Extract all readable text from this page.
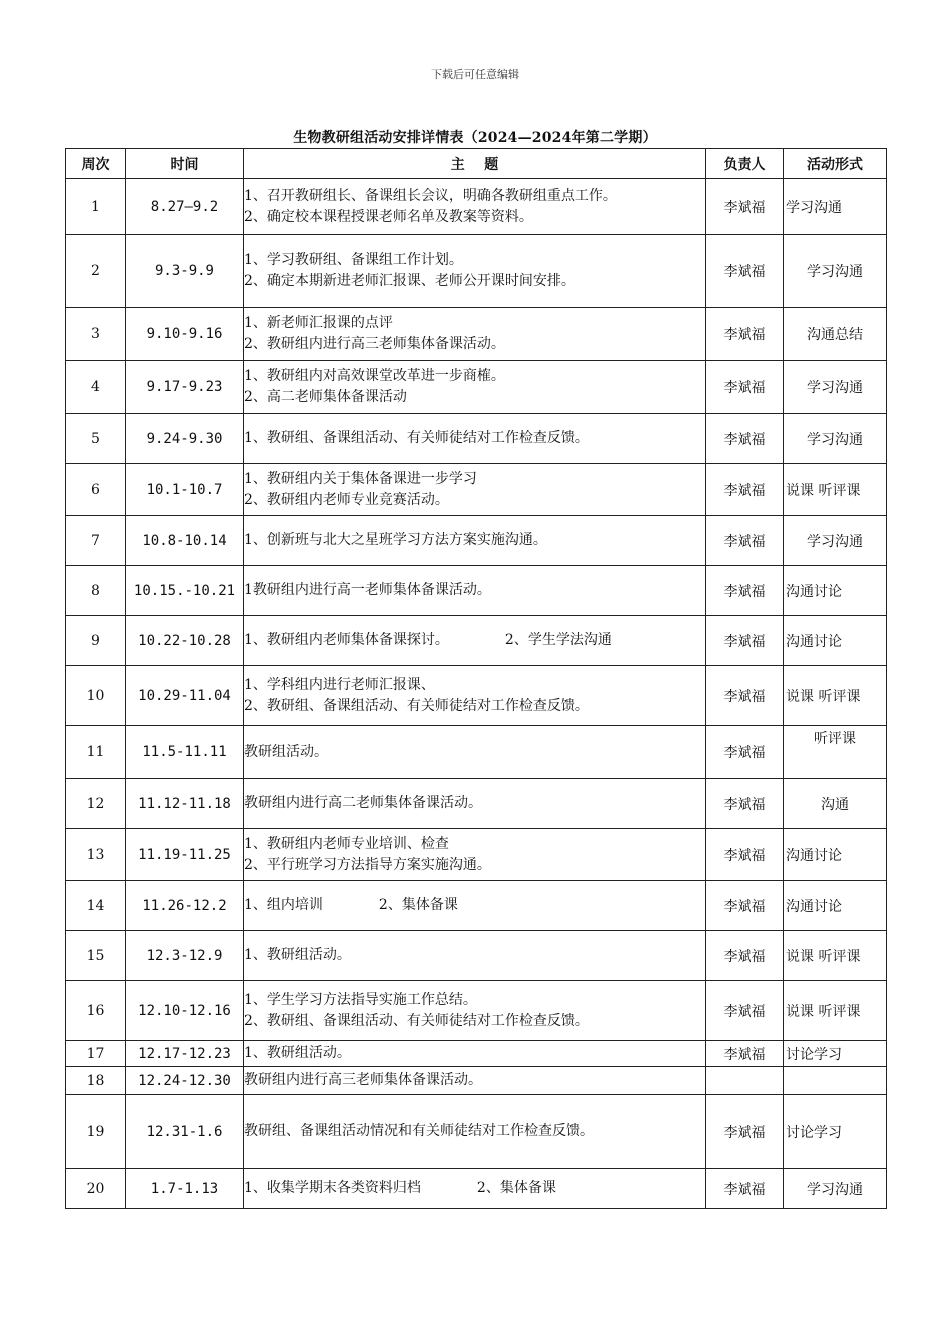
下载后可任意编辑
生物教研组活动安排详情表（2024—2024年第二学期）
周次	时间	主    题	负责人	活动形式
1	8.27—9.2	1、召开教研组长、备课组长会议，明确各教研组重点工作。
2、确定校本课程授课老师名单及教案等资料。	李斌福	学习沟通
2	9.3-9.9	1、学习教研组、备课组工作计划。
2、确定本期新进老师汇报课、老师公开课时间安排。	李斌福	学习沟通
3	9.10-9.16	1、新老师汇报课的点评
2、教研组内进行高三老师集体备课活动。	李斌福	沟通总结
4	9.17-9.23	1、教研组内对高效课堂改革进一步商榷。
2、高二老师集体备课活动	李斌福	学习沟通
5	9.24-9.30	1、教研组、备课组活动、有关师徒结对工作检查反馈。	李斌福	学习沟通
6	10.1-10.7	1、教研组内关于集体备课进一步学习
2、教研组内老师专业竞赛活动。	李斌福	说课 听评课
7	10.8-10.14	1、创新班与北大之星班学习方法方案实施沟通。	李斌福	学习沟通
8	10.15.-10.21	1教研组内进行高一老师集体备课活动。	李斌福	沟通讨论
9	10.22-10.28	1、教研组内老师集体备课探讨。 2、学生学法沟通	李斌福	沟通讨论
10	10.29-11.04	1、学科组内进行老师汇报课、
2、教研组、备课组活动、有关师徒结对工作检查反馈。	李斌福	说课 听评课
11	11.5-11.11	教研组活动。	李斌福	听评课
12	11.12-11.18	教研组内进行高二老师集体备课活动。	李斌福	沟通
13	11.19-11.25	1、教研组内老师专业培训、检查
2、平行班学习方法指导方案实施沟通。	李斌福	沟通讨论
14	11.26-12.2	1、组内培训 2、集体备课	李斌福	沟通讨论
15	12.3-12.9	1、教研组活动。	李斌福	说课 听评课
16	12.10-12.16	1、学生学习方法指导实施工作总结。
2、教研组、备课组活动、有关师徒结对工作检查反馈。	李斌福	说课 听评课
17	12.17-12.23	1、教研组活动。	李斌福	讨论学习
18	12.24-12.30	教研组内进行高三老师集体备课活动。		

19	12.31-1.6	教研组、备课组活动情况和有关师徒结对工作检查反馈。	李斌福	讨论学习
20	1.7-1.13	1、收集学期末各类资料归档 2、集体备课	李斌福	学习沟通
